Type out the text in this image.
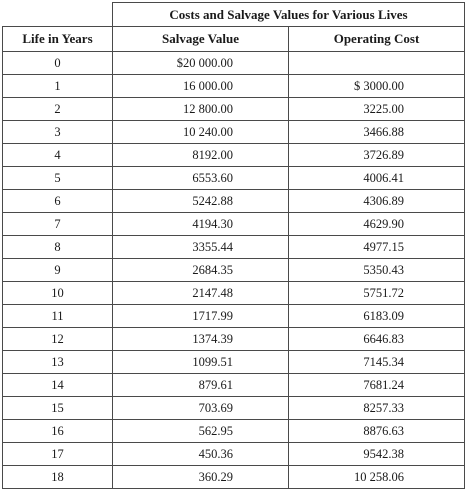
	Costs and Salvage Values for Various Lives	
Life in Years	Salvage Value	Operating Cost
0	$20 000.00	
1	16 000.00	$ 3000.00
2	12 800.00	3225.00
3	10 240.00	3466.88
4	8192.00	3726.89
5	6553.60	4006.41
6	5242.88	4306.89
7	4194.30	4629.90
8	3355.44	4977.15
9	2684.35	5350.43
10	2147.48	5751.72
11	1717.99	6183.09
12	1374.39	6646.83
13	1099.51	7145.34
14	879.61	7681.24
15	703.69	8257.33
16	562.95	8876.63
17	450.36	9542.38
18	360.29	10 258.06
